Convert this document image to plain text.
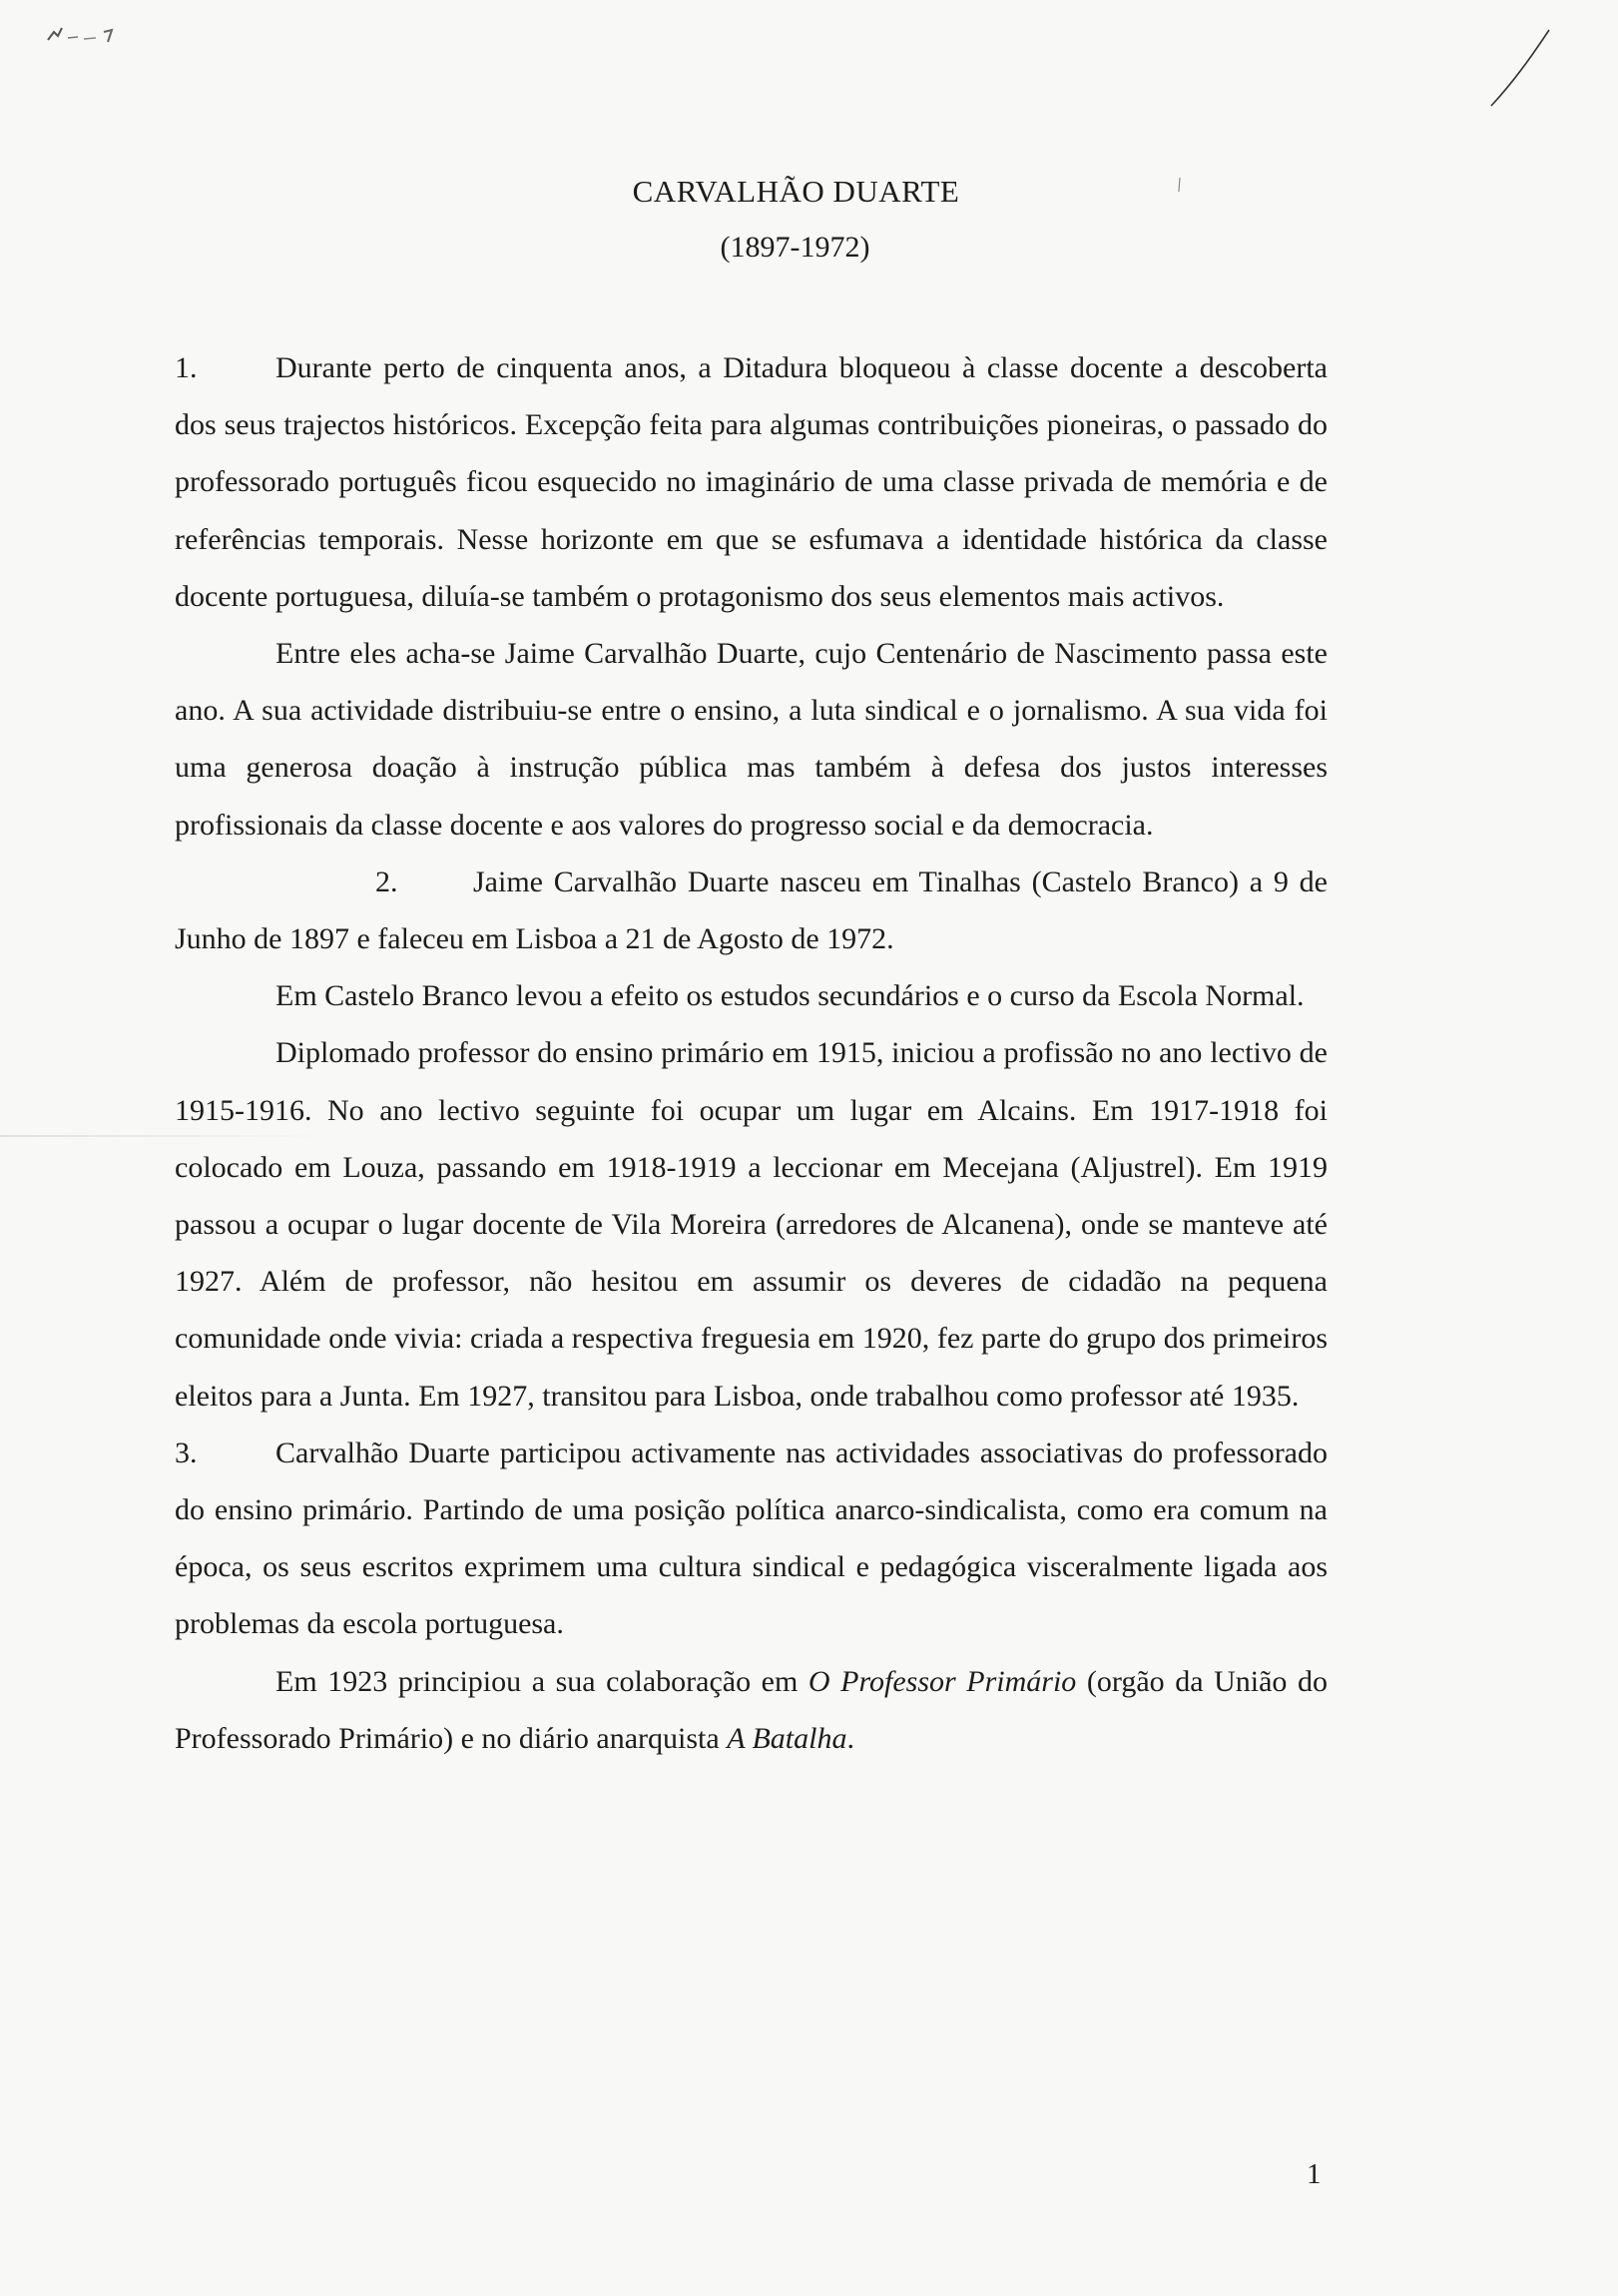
CARVALHÃO DUARTE
(1897-1972)

1.	Durante perto de cinquenta anos, a Ditadura bloqueou à classe docente a descoberta dos seus trajectos históricos. Excepção feita para algumas contribuições pioneiras, o passado do professorado português ficou esquecido no imaginário de uma classe privada de memória e de referências temporais. Nesse horizonte em que se esfumava a identidade histórica da classe docente portuguesa, diluía-se também o protagonismo dos seus elementos mais activos.

Entre eles acha-se Jaime Carvalhão Duarte, cujo Centenário de Nascimento passa este ano. A sua actividade distribuiu-se entre o ensino, a luta sindical e o jornalismo. A sua vida foi uma generosa doação à instrução pública mas também à defesa dos justos interesses profissionais da classe docente e aos valores do progresso social e da democracia.

2.	Jaime Carvalhão Duarte nasceu em Tinalhas (Castelo Branco) a 9 de Junho de 1897 e faleceu em Lisboa a 21 de Agosto de 1972.

Em Castelo Branco levou a efeito os estudos secundários e o curso da Escola Normal.

Diplomado professor do ensino primário em 1915, iniciou a profissão no ano lectivo de 1915-1916. No ano lectivo seguinte foi ocupar um lugar em Alcains. Em 1917-1918 foi colocado em Louza, passando em 1918-1919 a leccionar em Mecejana (Aljustrel). Em 1919 passou a ocupar o lugar docente de Vila Moreira (arredores de Alcanena), onde se manteve até 1927. Além de professor, não hesitou em assumir os deveres de cidadão na pequena comunidade onde vivia: criada a respectiva freguesia em 1920, fez parte do grupo dos primeiros eleitos para a Junta. Em 1927, transitou para Lisboa, onde trabalhou como professor até 1935.

3.	Carvalhão Duarte participou activamente nas actividades associativas do professorado do ensino primário. Partindo de uma posição política anarco-sindicalista, como era comum na época, os seus escritos exprimem uma cultura sindical e pedagógica visceralmente ligada aos problemas da escola portuguesa.

Em 1923 principiou a sua colaboração em O Professor Primário (orgão da União do Professorado Primário) e no diário anarquista A Batalha.

1
